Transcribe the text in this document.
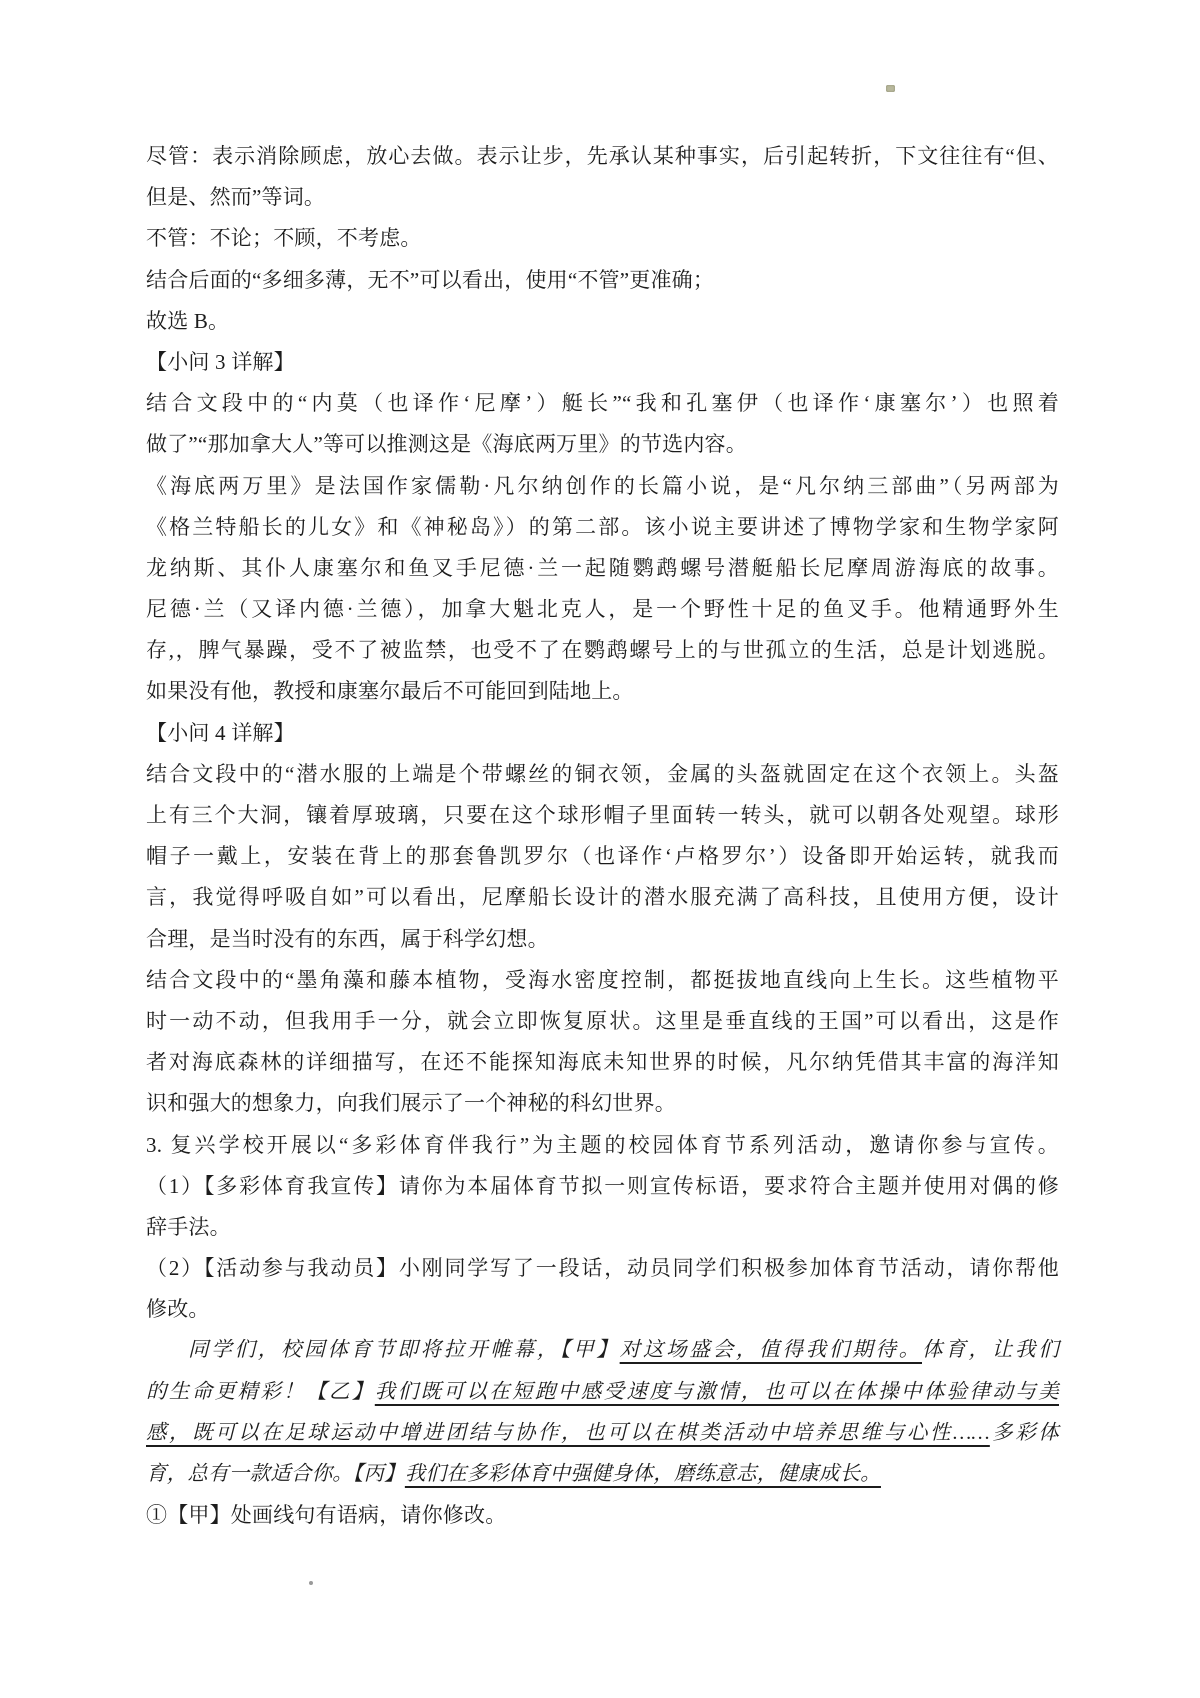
尽管：表示消除顾虑，放心去做。表示让步，先承认某种事实，后引起转折，下文往往有“但、
但是、然而”等词。
不管：不论；不顾，不考虑。
结合后面的“多细多薄，无不”可以看出，使用“不管”更准确；
故选 B。
【小问 3 详解】
结合文段中的“内莫（也译作‘尼摩’）艇长”“我和孔塞伊（也译作‘康塞尔’）也照着
做了”“那加拿大人”等可以推测这是《海底两万里》的节选内容。
《海底两万里》是法国作家儒勒·凡尔纳创作的长篇小说，是“凡尔纳三部曲”（另两部为
《格兰特船长的儿女》和《神秘岛》）的第二部。该小说主要讲述了博物学家和生物学家阿
龙纳斯、其仆人康塞尔和鱼叉手尼德·兰一起随鹦鹉螺号潜艇船长尼摩周游海底的故事。
尼德·兰（又译内德·兰德），加拿大魁北克人，是一个野性十足的鱼叉手。他精通野外生
存,，脾气暴躁，受不了被监禁，也受不了在鹦鹉螺号上的与世孤立的生活，总是计划逃脱。
如果没有他，教授和康塞尔最后不可能回到陆地上。
【小问 4 详解】
结合文段中的“潜水服的上端是个带螺丝的铜衣领，金属的头盔就固定在这个衣领上。头盔
上有三个大洞，镶着厚玻璃，只要在这个球形帽子里面转一转头，就可以朝各处观望。球形
帽子一戴上，安装在背上的那套鲁凯罗尔（也译作‘卢格罗尔’）设备即开始运转，就我而
言，我觉得呼吸自如”可以看出，尼摩船长设计的潜水服充满了高科技，且使用方便，设计
合理，是当时没有的东西，属于科学幻想。
结合文段中的“墨角藻和藤本植物，受海水密度控制，都挺拔地直线向上生长。这些植物平
时一动不动，但我用手一分，就会立即恢复原状。这里是垂直线的王国”可以看出，这是作
者对海底森林的详细描写，在还不能探知海底未知世界的时候，凡尔纳凭借其丰富的海洋知
识和强大的想象力，向我们展示了一个神秘的科幻世界。
3. 复兴学校开展以“多彩体育伴我行”为主题的校园体育节系列活动，邀请你参与宣传。
（1）【多彩体育我宣传】请你为本届体育节拟一则宣传标语，要求符合主题并使用对偶的修
辞手法。
（2）【活动参与我动员】小刚同学写了一段话，动员同学们积极参加体育节活动，请你帮他
修改。
同学们，校园体育节即将拉开帷幕，【甲】对这场盛会，值得我们期待。体育，让我们
的生命更精彩！【乙】我们既可以在短跑中感受速度与激情，也可以在体操中体验律动与美
感，既可以在足球运动中增进团结与协作，也可以在棋类活动中培养思维与心性……多彩体
育，总有一款适合你。【丙】我们在多彩体育中强健身体，磨练意志，健康成长。
①【甲】处画线句有语病，请你修改。
